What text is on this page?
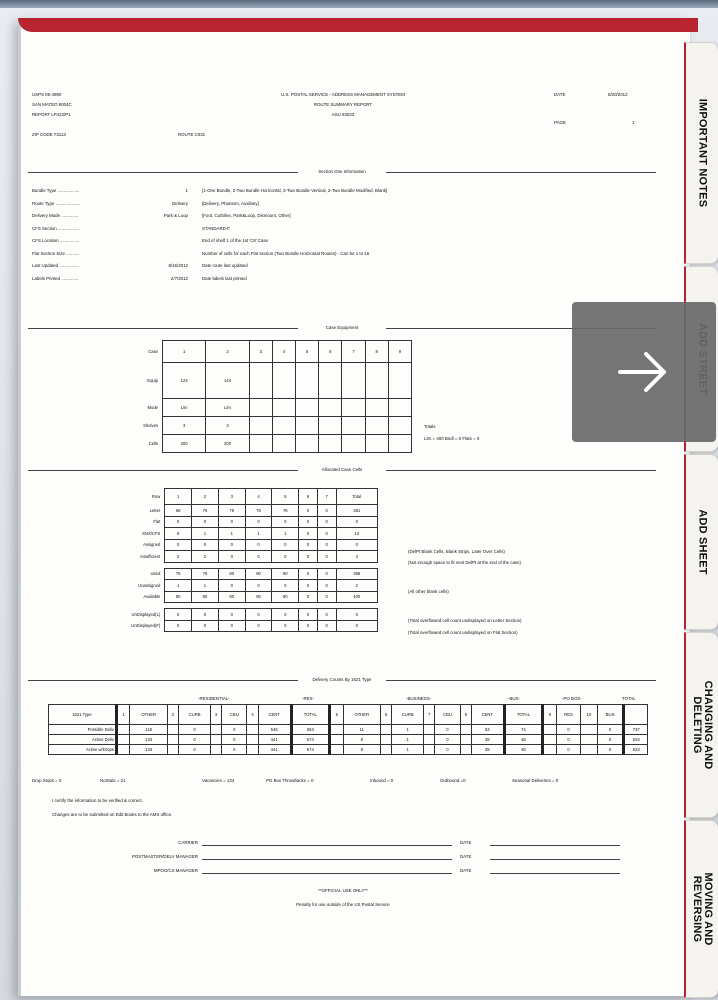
IMPORTANT NOTES
ADD SHEET
CHANGING AND DELETING
MOVING AND REVERSING
USPS 05-4990
SAN MATEO 9004C
REPORT LP422/P1
ZIP CODE 73113	ROUTE C031
U.S. POSTAL SERVICE - ADDRESS MANAGEMENT SYSTEM
ROUTE SUMMARY REPORT
ASU 93023
DATE	8/20/2012
PAGE	1
Section One Information
Bundle Type ..................	1	[1-One Bundle, 2-Two Bundle Horizontal, 3-Two Bundle Vertical, 2-Two Bundle Modified, Blank]
Route Type ....................	Delivery	[Delivery, Phantom, Auxiliary]
Delivery Mode ..............	Park & Loop	[Foot, Curbline, Park&Loop, Dismount, Other]
CFS Section ..................	STANDARD-F
CFS Location ................	End of shelf 1 of the 1st 'C8' Case
Flat Section Size ...........	Number of cells for each Flat section (Two Bundle Horizontal Routes) - Can be 1 to 16
Last Updated ................	8/16/2012	Date route last updated
Labels Printed ..............	2/7/2012	Date labels last printed
Case Equipment
Case	1	2	3	4	5	6	7	8	9
Equip	124	144							
Mode	Lim	Lim							
Shelves	3	3							
Cells	200	200							
Totals
Ltrs = 400 Bndl = 0 Flats = 0
Allocated Case Cells
Row	1	2	3	4	5	6	7	Total
Letter	66	76	76	76	76	0	0	381
Flat	0	0	0	0	0	0	0	0
SNS/CFS	8	1	1	1	1	0	0	13
Assigned	0	0	0	0	0	0	0	0
Insufficient	2	2	0	0	0	0	0	4

Used	76	76	80	80	80	0	0	398
Unassigned	1	1	0	0	0	0	0	2
Available	80	80	80	80	80	0	0	400

UnDisplayed(L)	0	0	0	0	0	0	0	0
UnDisplayed(F)	0	0	0	0	0	0	0	0
(DelPt Blank Cells, Blank Strips, Later Over Cells)
(Not enough space to fit next DelPt at the end of the case)
(All other blank cells)
(Total overflowed cell count undisplayed on Letter Section)
(Total overflowed cell count undisplayed on Flat Section)
Delivery Counts By 1621 Type
-RESIDENTIAL-	-RES-	-BUSINESS-	-BUS-	-PO BOX-	TOTAL
1621 Type	1	OTHER	2	CURB	3	CBU	4	CENT	TOTAL	5	OTHER	6	CURB	7	CBU	8	CENT	TOTAL	9	RES	10	BUS	
Possible Deliv		118		0		0		546	663		11		1		0		53	74		0		0	737
Active Deliv		133		0		0		441	574		8		1		0		39	48		0		0	623
Active w/Drops		133		0		0		441	574		8		1		0		39	48		0		0	623
Drop Stops = 0	NoStats = 21	Vacancies = 134	PO Box Throwbacks = 0	Inbound = 0	Outbound =0	Seasonal Deliveries = 0
I certify the information to be verified & correct.
Changes are to be submitted on Edit Books to the AMS office.
CARRIER	DATE
POSTMASTER/DELV MANAGER	DATE
MPOO/CS MANAGER	DATE
**OFFICIAL USE ONLY**
Penalty for use outside of the US Postal Service
